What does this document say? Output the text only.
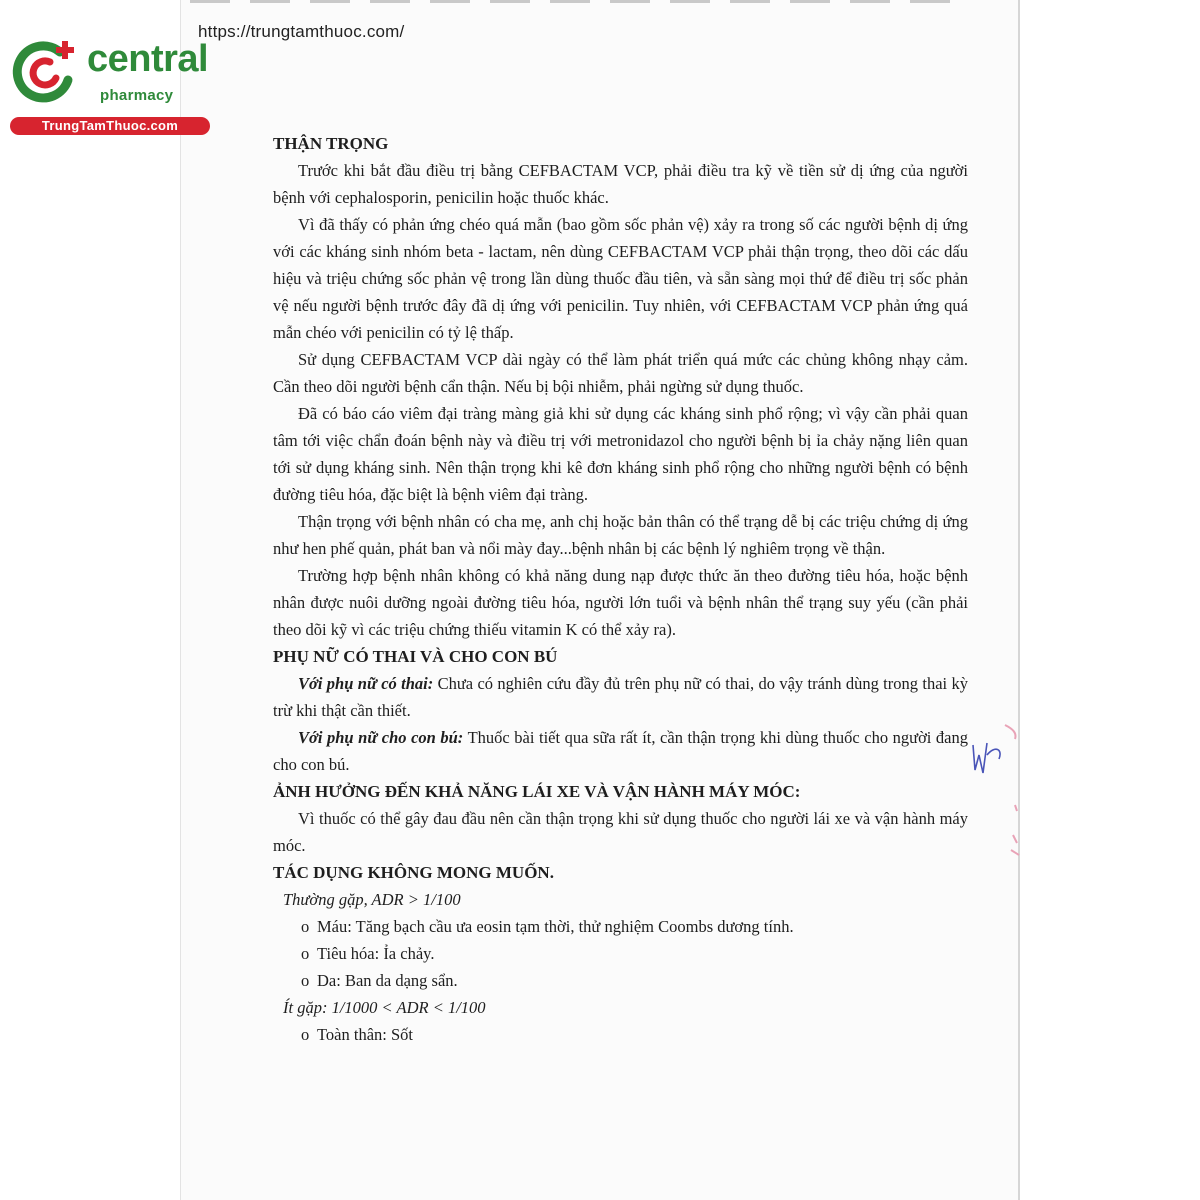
https://trungtamthuoc.com/
central
pharmacy
TrungTamThuoc.com

THẬN TRỌNG

Trước khi bắt đầu điều trị bằng CEFBACTAM VCP, phải điều tra kỹ về tiền sử dị ứng của người bệnh với cephalosporin, penicilin hoặc thuốc khác.

Vì đã thấy có phản ứng chéo quá mẫn (bao gồm sốc phản vệ) xảy ra trong số các người bệnh dị ứng với các kháng sinh nhóm beta - lactam, nên dùng CEFBACTAM VCP phải thận trọng, theo dõi các dấu hiệu và triệu chứng sốc phản vệ trong lần dùng thuốc đầu tiên, và sẵn sàng mọi thứ để điều trị sốc phản vệ nếu người bệnh trước đây đã dị ứng với penicilin. Tuy nhiên, với CEFBACTAM VCP phản ứng quá mẫn chéo với penicilin có tỷ lệ thấp.

Sử dụng CEFBACTAM VCP dài ngày có thể làm phát triển quá mức các chủng không nhạy cảm. Cần theo dõi người bệnh cẩn thận. Nếu bị bội nhiễm, phải ngừng sử dụng thuốc.

Đã có báo cáo viêm đại tràng màng giả khi sử dụng các kháng sinh phổ rộng; vì vậy cần phải quan tâm tới việc chẩn đoán bệnh này và điều trị với metronidazol cho người bệnh bị ỉa chảy nặng liên quan tới sử dụng kháng sinh. Nên thận trọng khi kê đơn kháng sinh phổ rộng cho những người bệnh có bệnh đường tiêu hóa, đặc biệt là bệnh viêm đại tràng.

Thận trọng với bệnh nhân có cha mẹ, anh chị hoặc bản thân có thể trạng dễ bị các triệu chứng dị ứng như hen phế quản, phát ban và nổi mày đay...bệnh nhân bị các bệnh lý nghiêm trọng về thận.

Trường hợp bệnh nhân không có khả năng dung nạp được thức ăn theo đường tiêu hóa, hoặc bệnh nhân được nuôi dưỡng ngoài đường tiêu hóa, người lớn tuổi và bệnh nhân thể trạng suy yếu (cần phải theo dõi kỹ vì các triệu chứng thiếu vitamin K có thể xảy ra).

PHỤ NỮ CÓ THAI VÀ CHO CON BÚ

Với phụ nữ có thai: Chưa có nghiên cứu đầy đủ trên phụ nữ có thai, do vậy tránh dùng trong thai kỳ trừ khi thật cần thiết.

Với phụ nữ cho con bú: Thuốc bài tiết qua sữa rất ít, cần thận trọng khi dùng thuốc cho người đang cho con bú.

ẢNH HƯỞNG ĐẾN KHẢ NĂNG LÁI XE VÀ VẬN HÀNH MÁY MÓC:

Vì thuốc có thể gây đau đầu nên cần thận trọng khi sử dụng thuốc cho người lái xe và vận hành máy móc.

TÁC DỤNG KHÔNG MONG MUỐN.

Thường gặp, ADR > 1/100

o Máu: Tăng bạch cầu ưa eosin tạm thời, thử nghiệm Coombs dương tính.

o Tiêu hóa: Ỉa chảy.

o Da: Ban da dạng sẩn.

Ít gặp: 1/1000 < ADR < 1/100

o Toàn thân: Sốt
